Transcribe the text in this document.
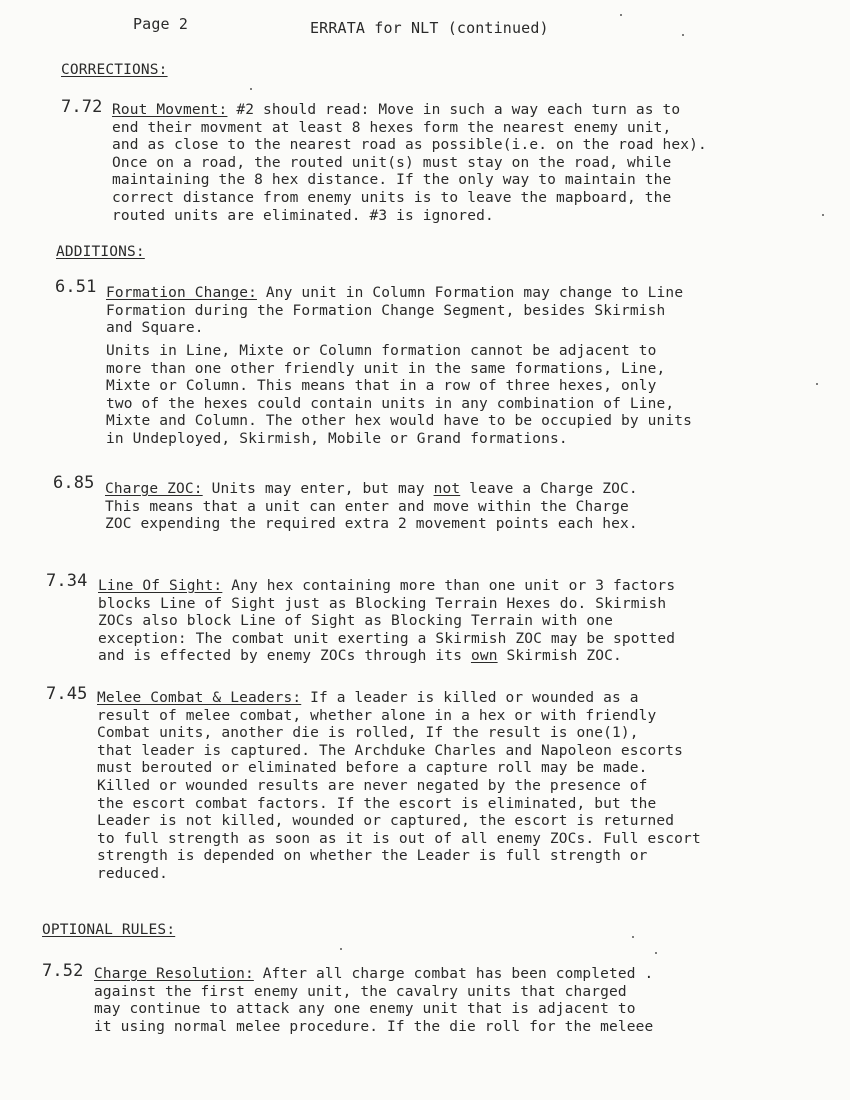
Page 2	ERRATA for NLT (continued)
CORRECTIONS:
7.72 Rout Movment: #2 should read: Move in such a way each turn as to
end their movment at least 8 hexes form the nearest enemy unit,
and as close to the nearest road as possible(i.e. on the road hex).
Once on a road, the routed unit(s) must stay on the road, while
maintaining the 8 hex distance. If the only way to maintain the
correct distance from enemy units is to leave the mapboard, the
routed units are eliminated. #3 is ignored.
ADDITIONS:
6.51 Formation Change: Any unit in Column Formation may change to Line
Formation during the Formation Change Segment, besides Skirmish
and Square.
Units in Line, Mixte or Column formation cannot be adjacent to
more than one other friendly unit in the same formations, Line,
Mixte or Column. This means that in a row of three hexes, only
two of the hexes could contain units in any combination of Line,
Mixte and Column. The other hex would have to be occupied by units
in Undeployed, Skirmish, Mobile or Grand formations.
6.85 Charge ZOC: Units may enter, but may not leave a Charge ZOC.
This means that a unit can enter and move within the Charge
ZOC expending the required extra 2 movement points each hex.
7.34 Line Of Sight: Any hex containing more than one unit or 3 factors
blocks Line of Sight just as Blocking Terrain Hexes do. Skirmish
ZOCs also block Line of Sight as Blocking Terrain with one
exception: The combat unit exerting a Skirmish ZOC may be spotted
and is effected by enemy ZOCs through its own Skirmish ZOC.
7.45 Melee Combat & Leaders: If a leader is killed or wounded as a
result of melee combat, whether alone in a hex or with friendly
Combat units, another die is rolled, If the result is one(1),
that leader is captured. The Archduke Charles and Napoleon escorts
must berouted or eliminated before a capture roll may be made.
Killed or wounded results are never negated by the presence of
the escort combat factors. If the escort is eliminated, but the
Leader is not killed, wounded or captured, the escort is returned
to full strength as soon as it is out of all enemy ZOCs. Full escort
strength is depended on whether the Leader is full strength or
reduced.
OPTIONAL RULES:
7.52 Charge Resolution: After all charge combat has been completed .
against the first enemy unit, the cavalry units that charged
may continue to attack any one enemy unit that is adjacent to
it using normal melee procedure. If the die roll for the meleee
